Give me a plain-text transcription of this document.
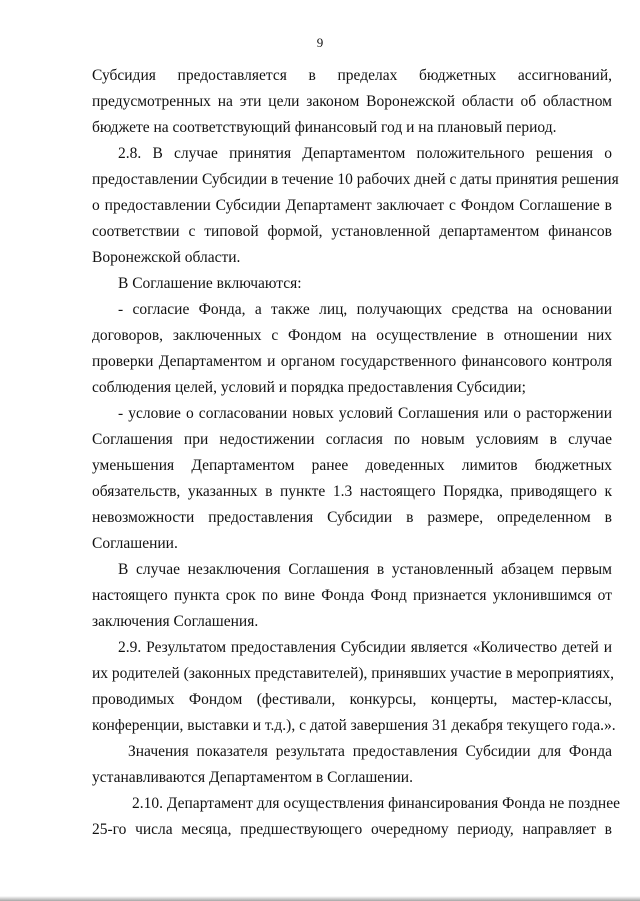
9
Субсидия предоставляется в пределах бюджетных ассигнований,
предусмотренных на эти цели законом Воронежской области об областном
бюджете на соответствующий финансовый год и на плановый период.
2.8. В случае принятия Департаментом положительного решения о
предоставлении Субсидии в течение 10 рабочих дней с даты принятия решения
о предоставлении Субсидии Департамент заключает с Фондом Соглашение в
соответствии с типовой формой, установленной департаментом финансов
Воронежской области.
В Соглашение включаются:
- согласие Фонда, а также лиц, получающих средства на основании
договоров, заключенных с Фондом на осуществление в отношении них
проверки Департаментом и органом государственного финансового контроля
соблюдения целей, условий и порядка предоставления Субсидии;
- условие о согласовании новых условий Соглашения или о расторжении
Соглашения при недостижении согласия по новым условиям в случае
уменьшения Департаментом ранее доведенных лимитов бюджетных
обязательств, указанных в пункте 1.3 настоящего Порядка, приводящего к
невозможности предоставления Субсидии в размере, определенном в
Соглашении.
В случае незаключения Соглашения в установленный абзацем первым
настоящего пункта срок по вине Фонда Фонд признается уклонившимся от
заключения Соглашения.
2.9. Результатом предоставления Субсидии является «Количество детей и
их родителей (законных представителей), принявших участие в мероприятиях,
проводимых Фондом (фестивали, конкурсы, концерты, мастер-классы,
конференции, выставки и т.д.), с датой завершения 31 декабря текущего года.».
Значения показателя результата предоставления Субсидии для Фонда
устанавливаются Департаментом в Соглашении.
2.10. Департамент для осуществления финансирования Фонда не позднее
25-го числа месяца, предшествующего очередному периоду, направляет в
